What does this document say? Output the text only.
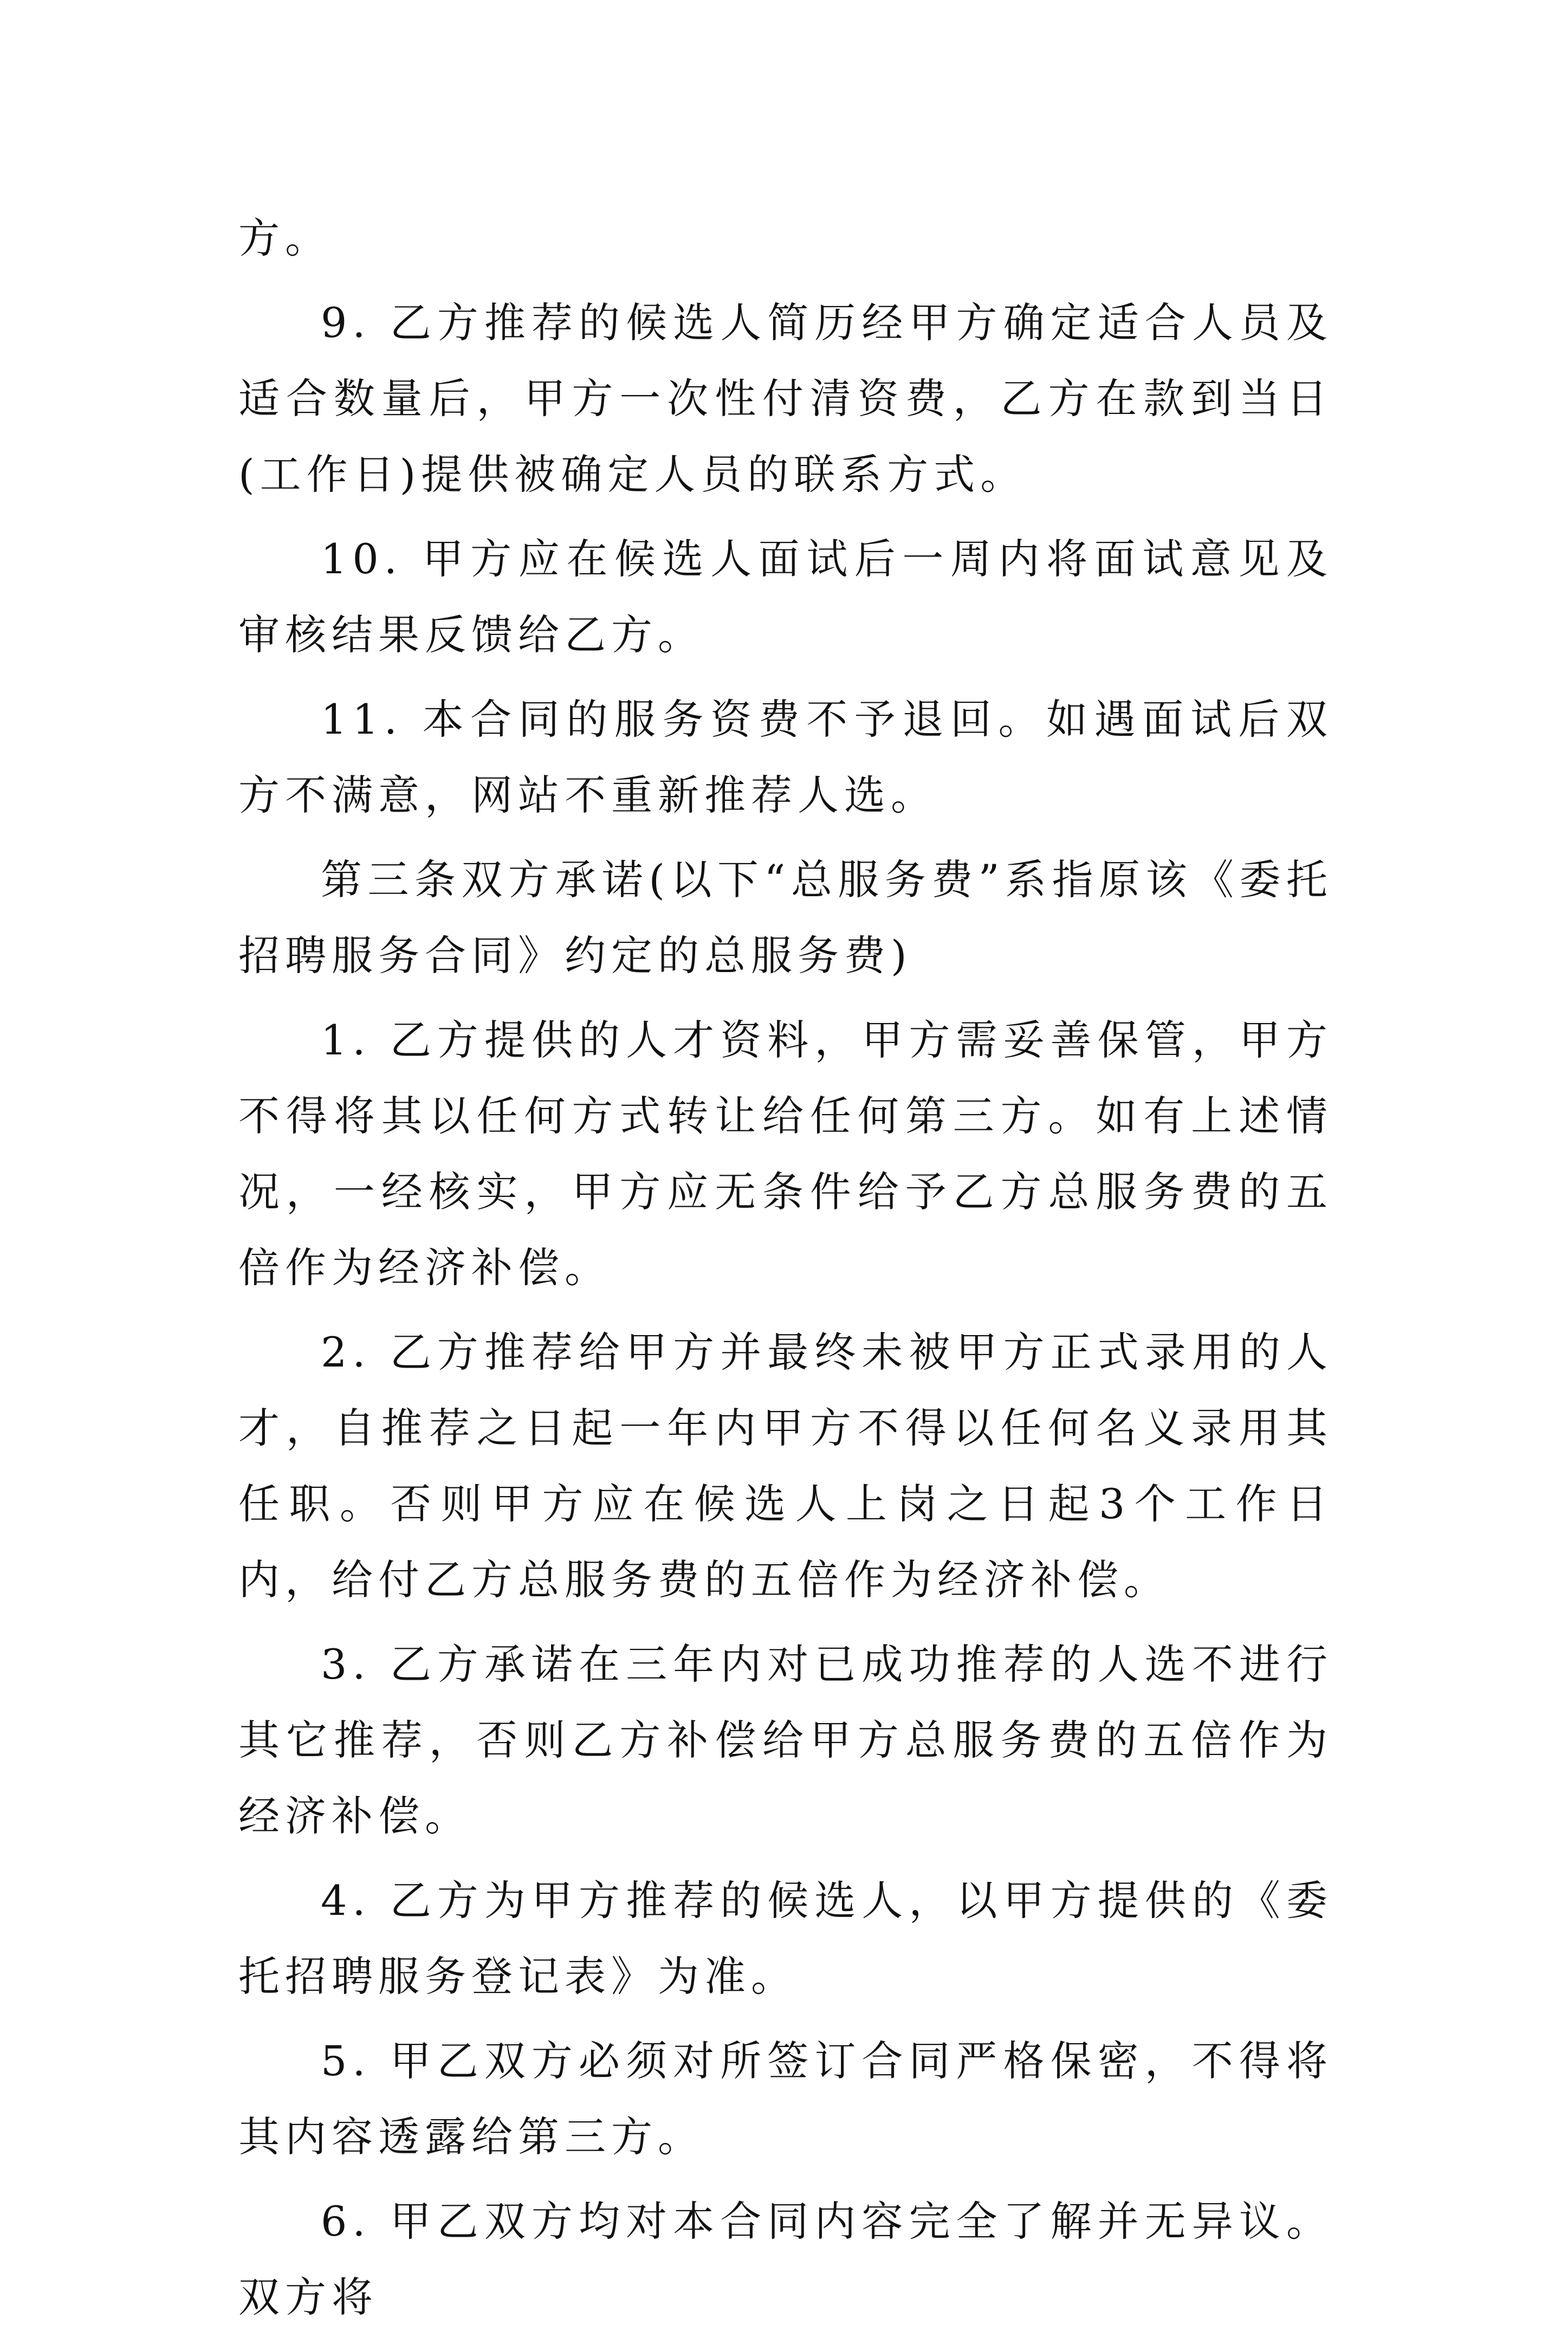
方。

9. 乙方推荐的候选人简历经甲方确定适合人员及适合数量后，甲方一次性付清资费，乙方在款到当日(工作日)提供被确定人员的联系方式。

10. 甲方应在候选人面试后一周内将面试意见及审核结果反馈给乙方。

11. 本合同的服务资费不予退回。如遇面试后双方不满意，网站不重新推荐人选。

第三条双方承诺(以下“总服务费”系指原该《委托招聘服务合同》约定的总服务费)

1. 乙方提供的人才资料，甲方需妥善保管，甲方不得将其以任何方式转让给任何第三方。如有上述情况，一经核实，甲方应无条件给予乙方总服务费的五倍作为经济补偿。

2. 乙方推荐给甲方并最终未被甲方正式录用的人才，自推荐之日起一年内甲方不得以任何名义录用其任职。否则甲方应在候选人上岗之日起3个工作日内，给付乙方总服务费的五倍作为经济补偿。

3. 乙方承诺在三年内对已成功推荐的人选不进行其它推荐，否则乙方补偿给甲方总服务费的五倍作为经济补偿。

4. 乙方为甲方推荐的候选人，以甲方提供的《委托招聘服务登记表》为准。

5. 甲乙双方必须对所签订合同严格保密，不得将其内容透露给第三方。

6. 甲乙双方均对本合同内容完全了解并无异议。双方将
